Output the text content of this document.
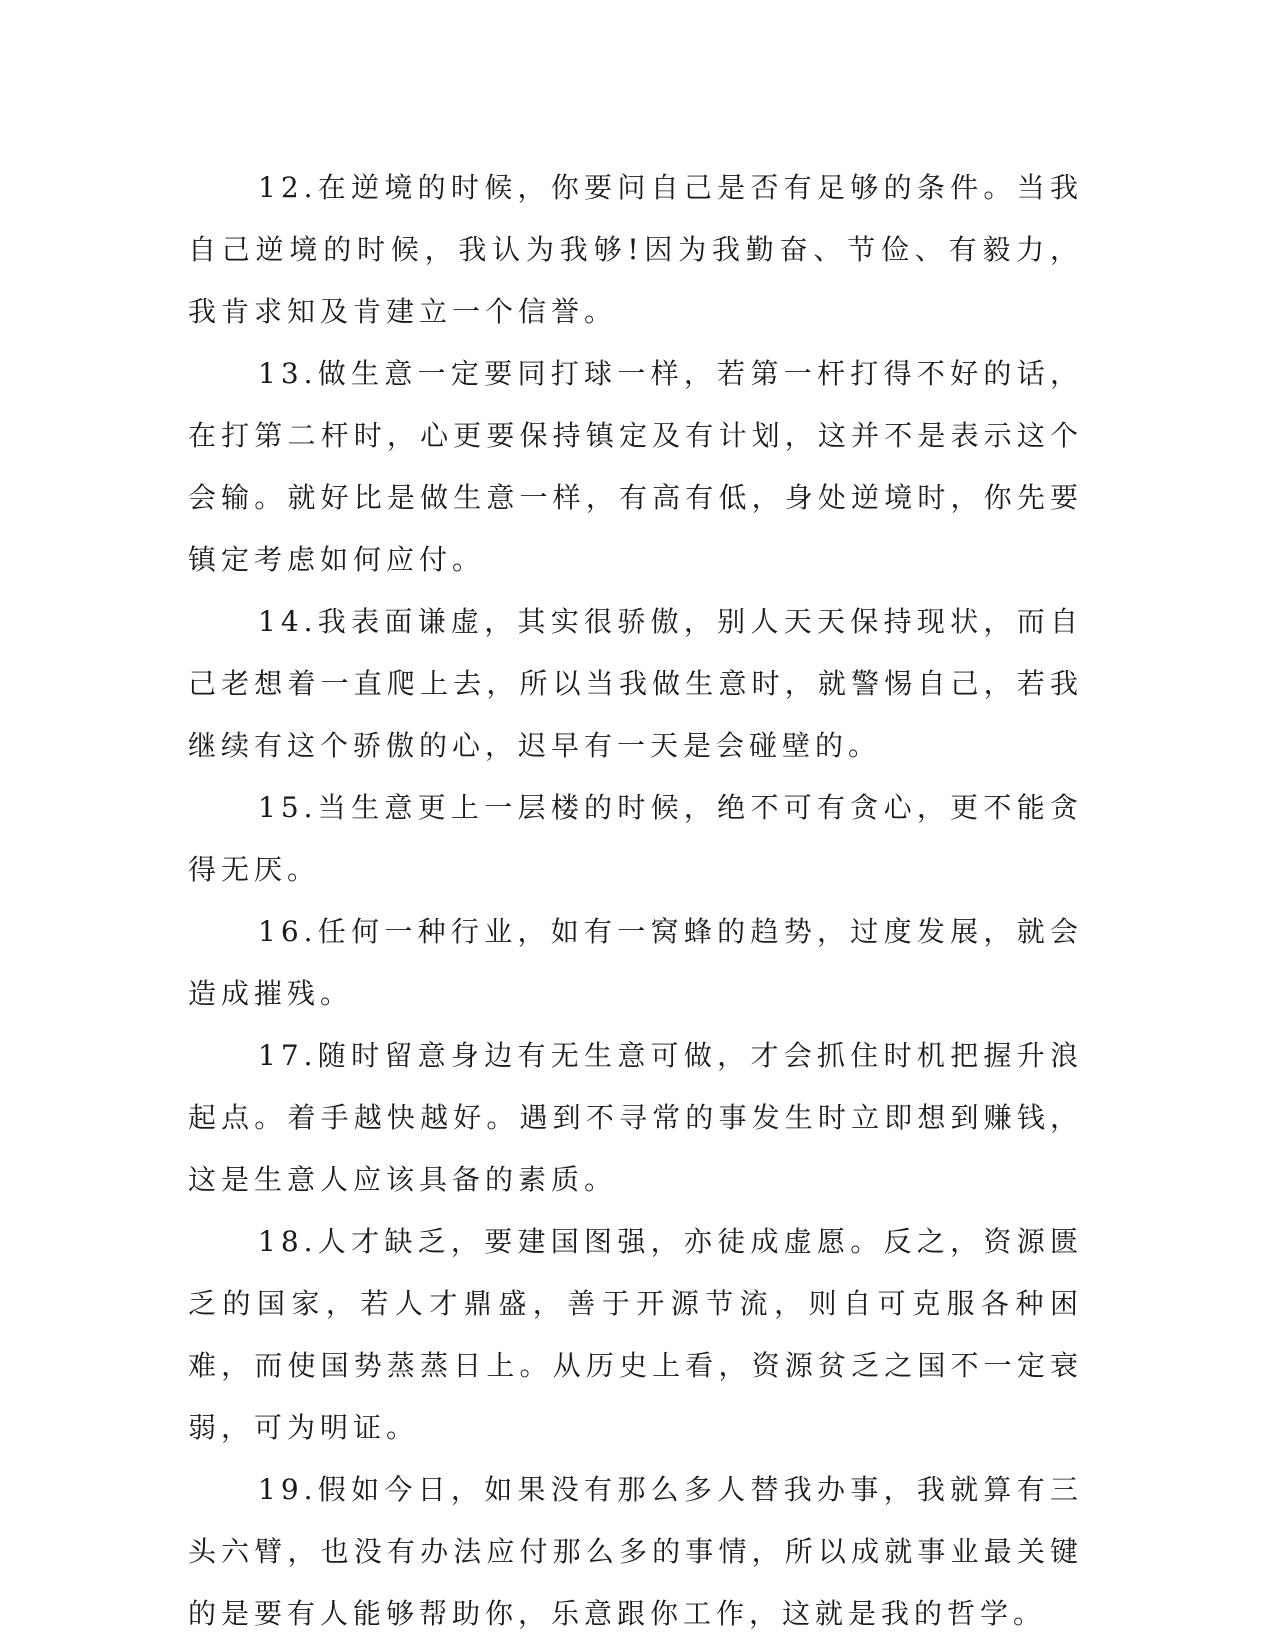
12.在逆境的时候，你要问自己是否有足够的条件。当我自己逆境的时候，我认为我够!因为我勤奋、节俭、有毅力，我肯求知及肯建立一个信誉。

13.做生意一定要同打球一样，若第一杆打得不好的话，在打第二杆时，心更要保持镇定及有计划，这并不是表示这个会输。就好比是做生意一样，有高有低，身处逆境时，你先要镇定考虑如何应付。

14.我表面谦虚，其实很骄傲，别人天天保持现状，而自己老想着一直爬上去，所以当我做生意时，就警惕自己，若我继续有这个骄傲的心，迟早有一天是会碰壁的。

15.当生意更上一层楼的时候，绝不可有贪心，更不能贪得无厌。

16.任何一种行业，如有一窝蜂的趋势，过度发展，就会造成摧残。

17.随时留意身边有无生意可做，才会抓住时机把握升浪起点。着手越快越好。遇到不寻常的事发生时立即想到赚钱，这是生意人应该具备的素质。

18.人才缺乏，要建国图强，亦徒成虚愿。反之，资源匮乏的国家，若人才鼎盛，善于开源节流，则自可克服各种困难，而使国势蒸蒸日上。从历史上看，资源贫乏之国不一定衰弱，可为明证。

19.假如今日，如果没有那么多人替我办事，我就算有三头六臂，也没有办法应付那么多的事情，所以成就事业最关键的是要有人能够帮助你，乐意跟你工作，这就是我的哲学。
